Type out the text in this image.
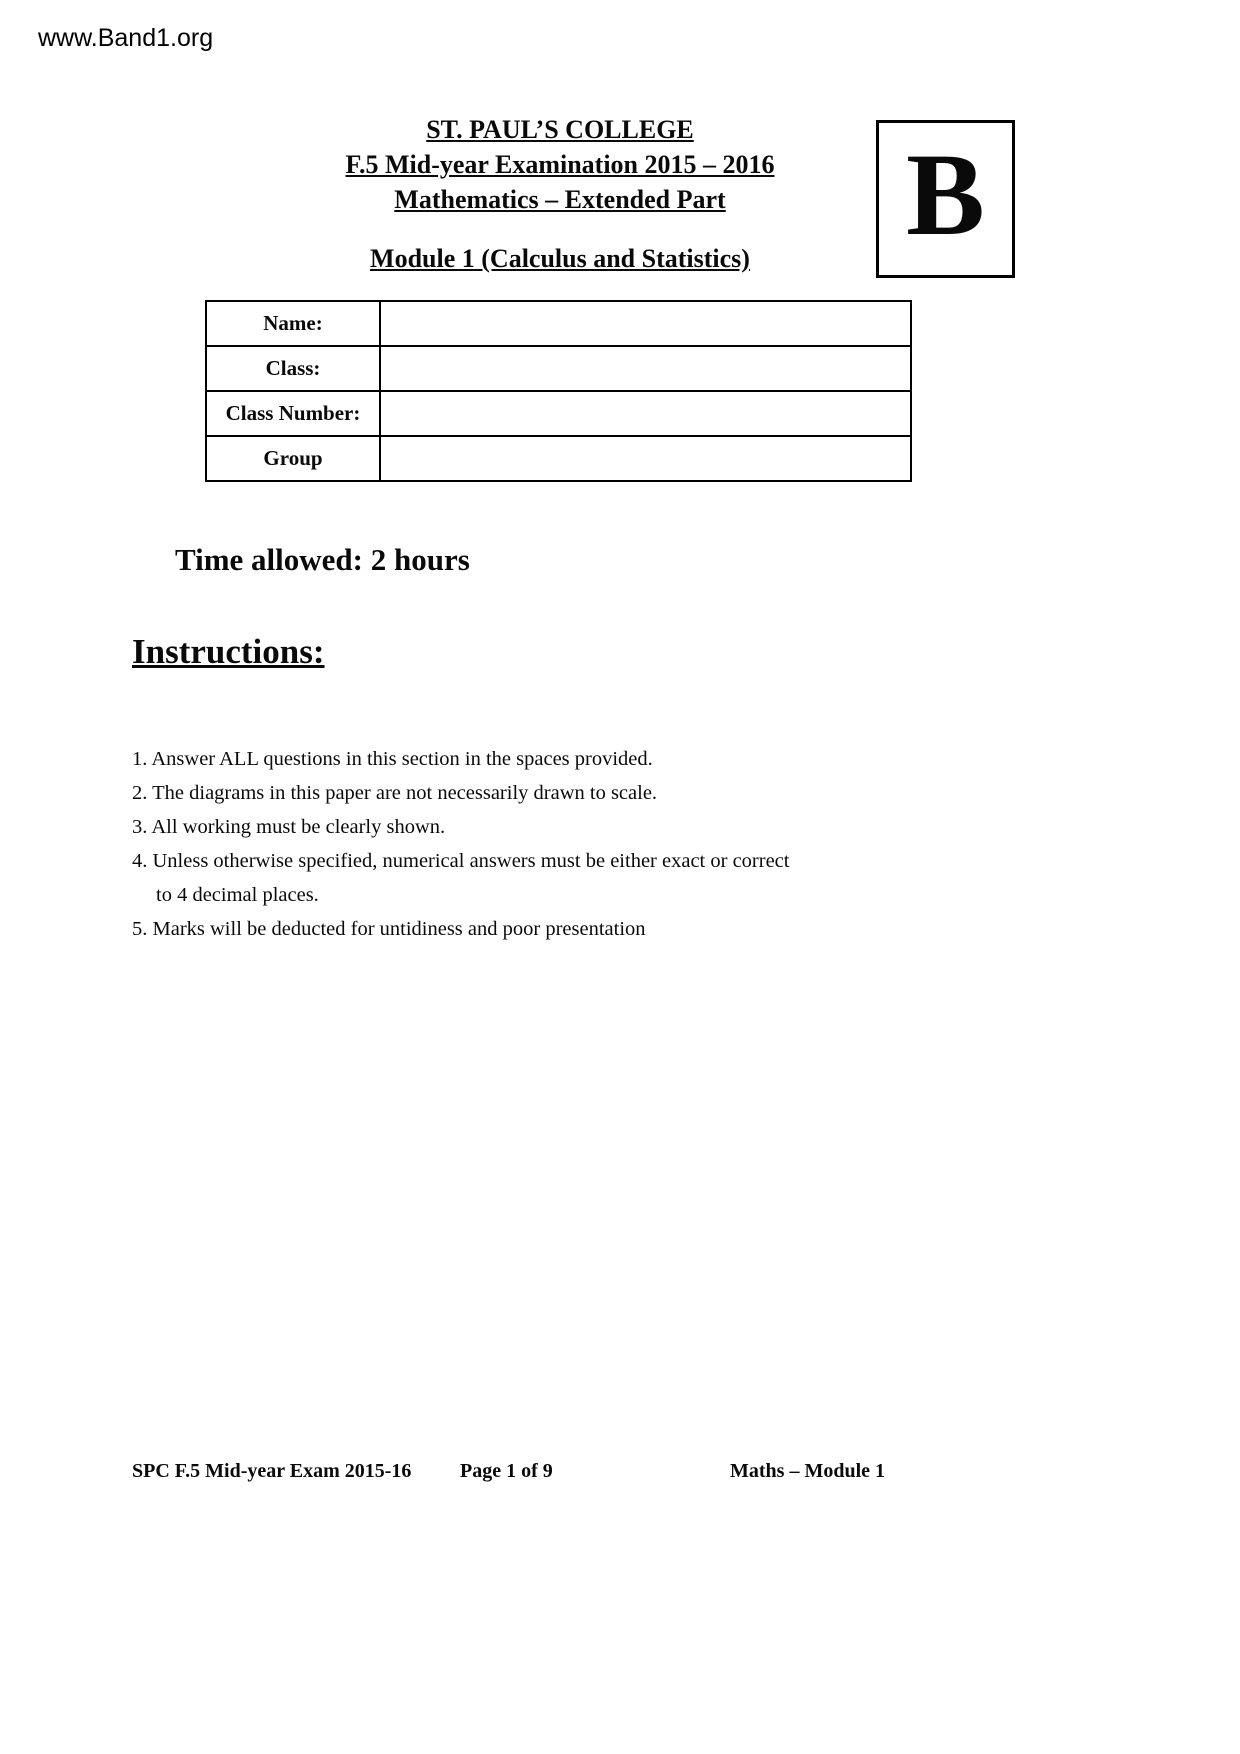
www.Band1.org
ST. PAUL’S COLLEGE
F.5 Mid-year Examination 2015 – 2016
Mathematics – Extended Part
Module 1 (Calculus and Statistics)	B
Name:	
Class:	
Class Number:	
Group	
Time allowed: 2 hours
Instructions:
1. Answer ALL questions in this section in the spaces provided.
2. The diagrams in this paper are not necessarily drawn to scale.
3. All working must be clearly shown.
4. Unless otherwise specified, numerical answers must be either exact or correct to 4 decimal places.
5. Marks will be deducted for untidiness and poor presentation
SPC F.5 Mid-year Exam 2015-16 Page 1 of 9	Maths – Module 1
